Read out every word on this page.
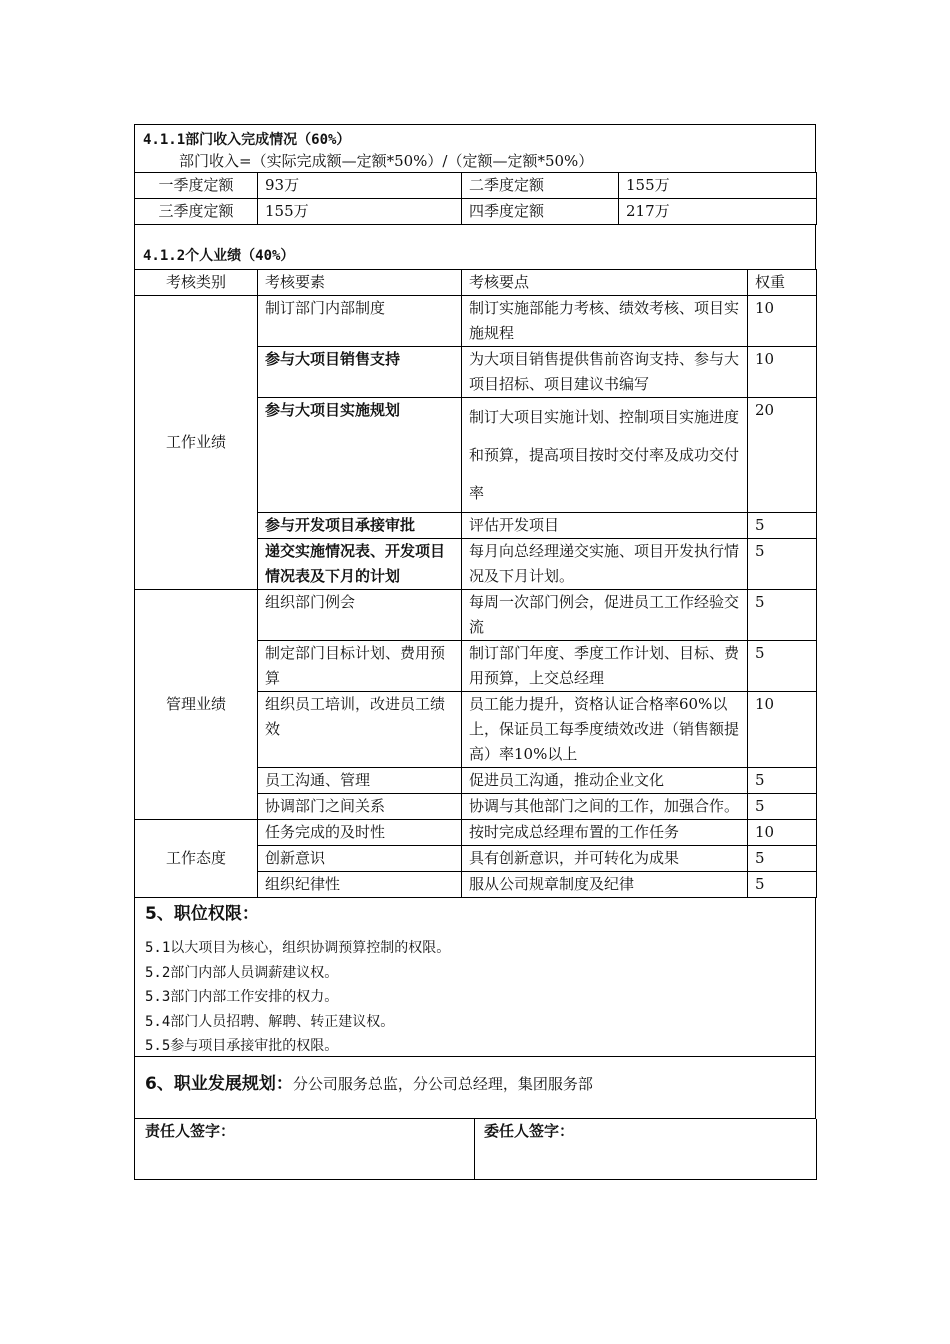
4.1.1部门收入完成情况（60%）
部门收入=（实际完成额—定额*50%）/（定额—定额*50%）
一季度定额	93万	二季度定额	155万
三季度定额	155万	四季度定额	217万
4.1.2个人业绩（40%）
考核类别	考核要素	考核要点	权重
工作业绩	制订部门内部制度	制订实施部能力考核、绩效考核、项目实施规程	10
	参与大项目销售支持	为大项目销售提供售前咨询支持、参与大项目招标、项目建议书编写	10
	参与大项目实施规划	制订大项目实施计划、控制项目实施进度和预算，提高项目按时交付率及成功交付率	20
	参与开发项目承接审批	评估开发项目	5
	递交实施情况表、开发项目情况表及下月的计划	每月向总经理递交实施、项目开发执行情况及下月计划。	5
管理业绩	组织部门例会	每周一次部门例会，促进员工工作经验交流	5
	制定部门目标计划、费用预算	制订部门年度、季度工作计划、目标、费用预算，上交总经理	5
	组织员工培训，改进员工绩效	员工能力提升，资格认证合格率60%以上，保证员工每季度绩效改进（销售额提高）率10%以上	10
	员工沟通、管理	促进员工沟通，推动企业文化	5
	协调部门之间关系	协调与其他部门之间的工作，加强合作。	5
工作态度	任务完成的及时性	按时完成总经理布置的工作任务	10
	创新意识	具有创新意识，并可转化为成果	5
	组织纪律性	服从公司规章制度及纪律	5
5、职位权限：
5.1以大项目为核心，组织协调预算控制的权限。
5.2部门内部人员调薪建议权。
5.3部门内部工作安排的权力。
5.4部门人员招聘、解聘、转正建议权。
5.5参与项目承接审批的权限。
6、职业发展规划：分公司服务总监，分公司总经理，集团服务部
责任人签字：	委任人签字：
